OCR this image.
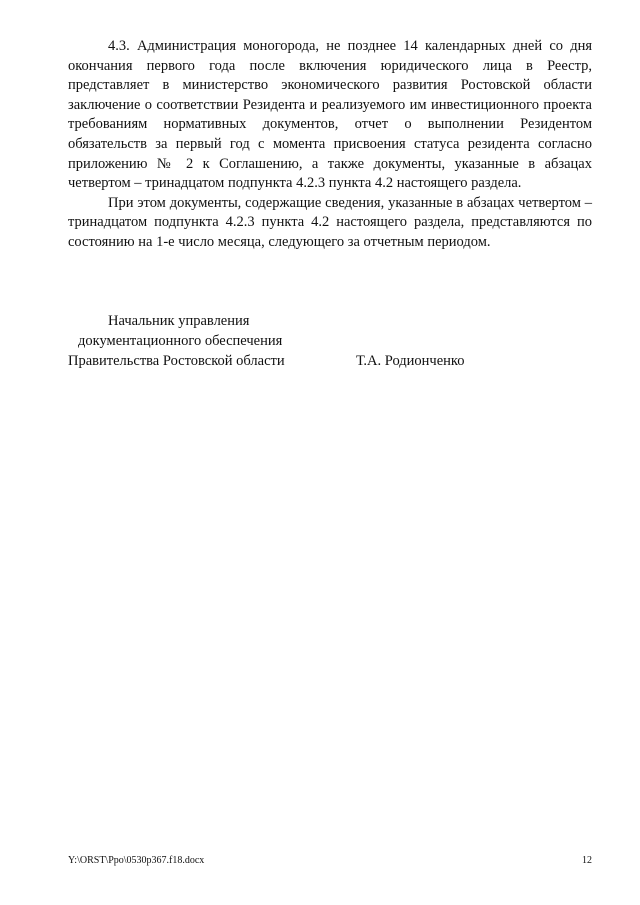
4.3. Администрация моногорода, не позднее 14 календарных дней со дня окончания первого года после включения юридического лица в Реестр, представляет в министерство экономического развития Ростовской области заключение о соответствии Резидента и реализуемого им инвестиционного проекта требованиям нормативных документов, отчет о выполнении Резидентом обязательств за первый год с момента присвоения статуса резидента согласно приложению № 2 к Соглашению, а также документы, указанные в абзацах четвертом – тринадцатом подпункта 4.2.3 пункта 4.2 настоящего раздела.

При этом документы, содержащие сведения, указанные в абзацах четвертом – тринадцатом подпункта 4.2.3 пункта 4.2 настоящего раздела, представляются по состоянию на 1-е число месяца, следующего за отчетным периодом.

Начальник управления
документационного обеспечения
Правительства Ростовской области	Т.А. Родионченко
Y:\ORST\Ppo\0530p367.f18.docx	12
